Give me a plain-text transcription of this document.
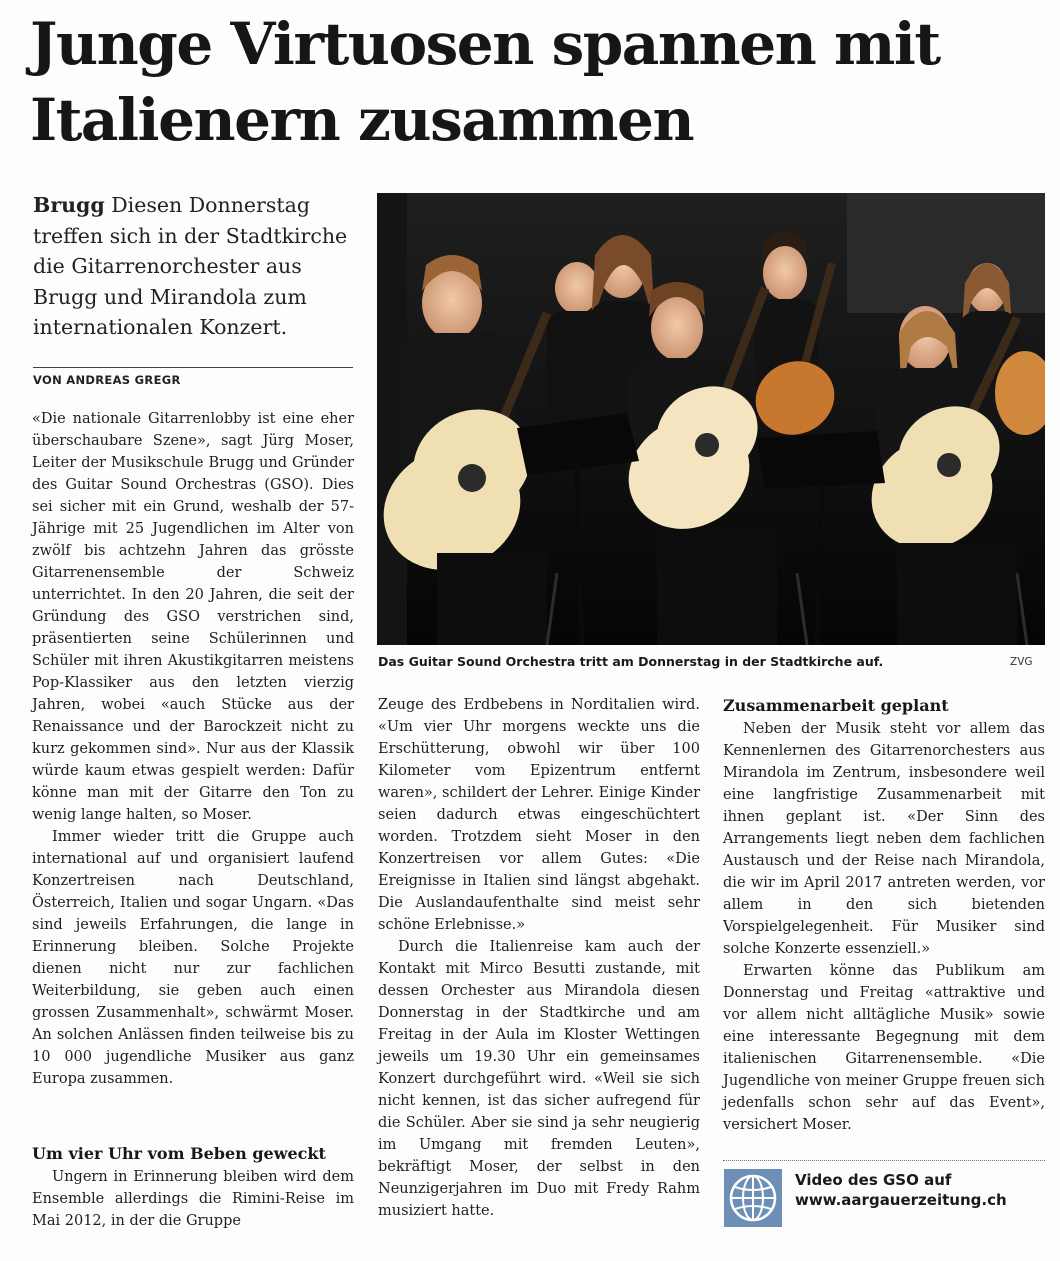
Junge Virtuosen spannen mit Italienern zusammen

Brugg Diesen Donnerstag treffen sich in der Stadtkirche die Gitarrenorchester aus Brugg und Mirandola zum internationalen Konzert.

VON ANDREAS GREGR

«Die nationale Gitarrenlobby ist eine eher überschaubare Szene», sagt Jürg Moser, Leiter der Musikschule Brugg und Gründer des Guitar Sound Orchestras (GSO). Dies sei sicher mit ein Grund, weshalb der 57-Jährige mit 25 Jugendlichen im Alter von zwölf bis achtzehn Jahren das grösste Gitarrenensemble der Schweiz unterrichtet. In den 20 Jahren, die seit der Gründung des GSO verstrichen sind, präsentierten seine Schülerinnen und Schüler mit ihren Akustikgitarren meistens Pop-Klassiker aus den letzten vierzig Jahren, wobei «auch Stücke aus der Renaissance und der Barockzeit nicht zu kurz gekommen sind». Nur aus der Klassik würde kaum etwas gespielt werden: Dafür könne man mit der Gitarre den Ton zu wenig lange halten, so Moser.

Immer wieder tritt die Gruppe auch international auf und organisiert laufend Konzertreisen nach Deutschland, Österreich, Italien und sogar Ungarn. «Das sind jeweils Erfahrungen, die lange in Erinnerung bleiben. Solche Projekte dienen nicht nur zur fachlichen Weiterbildung, sie geben auch einen grossen Zusammenhalt», schwärmt Moser. An solchen Anlässen finden teilweise bis zu 10 000 jugendliche Musiker aus ganz Europa zusammen.

Um vier Uhr vom Beben geweckt

Ungern in Erinnerung bleiben wird dem Ensemble allerdings die Rimini-Reise im Mai 2012, in der die Gruppe

Das Guitar Sound Orchestra tritt am Donnerstag in der Stadtkirche auf.	ZVG

Zeuge des Erdbebens in Norditalien wird. «Um vier Uhr morgens weckte uns die Erschütterung, obwohl wir über 100 Kilometer vom Epizentrum entfernt waren», schildert der Lehrer. Einige Kinder seien dadurch etwas eingeschüchtert worden. Trotzdem sieht Moser in den Konzertreisen vor allem Gutes: «Die Ereignisse in Italien sind längst abgehakt. Die Auslandaufenthalte sind meist sehr schöne Erlebnisse.»

Durch die Italienreise kam auch der Kontakt mit Mirco Besutti zustande, mit dessen Orchester aus Mirandola diesen Donnerstag in der Stadtkirche und am Freitag in der Aula im Kloster Wettingen jeweils um 19.30 Uhr ein gemeinsames Konzert durchgeführt wird. «Weil sie sich nicht kennen, ist das sicher aufregend für die Schüler. Aber sie sind ja sehr neugierig im Umgang mit fremden Leuten», bekräftigt Moser, der selbst in den Neunzigerjahren im Duo mit Fredy Rahm musiziert hatte.

Zusammenarbeit geplant

Neben der Musik steht vor allem das Kennenlernen des Gitarrenorchesters aus Mirandola im Zentrum, insbesondere weil eine langfristige Zusammenarbeit mit ihnen geplant ist. «Der Sinn des Arrangements liegt neben dem fachlichen Austausch und der Reise nach Mirandola, die wir im April 2017 antreten werden, vor allem in den sich bietenden Vorspielgelegenheit. Für Musiker sind solche Konzerte essenziell.»

Erwarten könne das Publikum am Donnerstag und Freitag «attraktive und vor allem nicht alltägliche Musik» sowie eine interessante Begegnung mit dem italienischen Gitarrenensemble. «Die Jugendliche von meiner Gruppe freuen sich jedenfalls schon sehr auf das Event», versichert Moser.

Video des GSO auf
www.aargauerzeitung.ch
